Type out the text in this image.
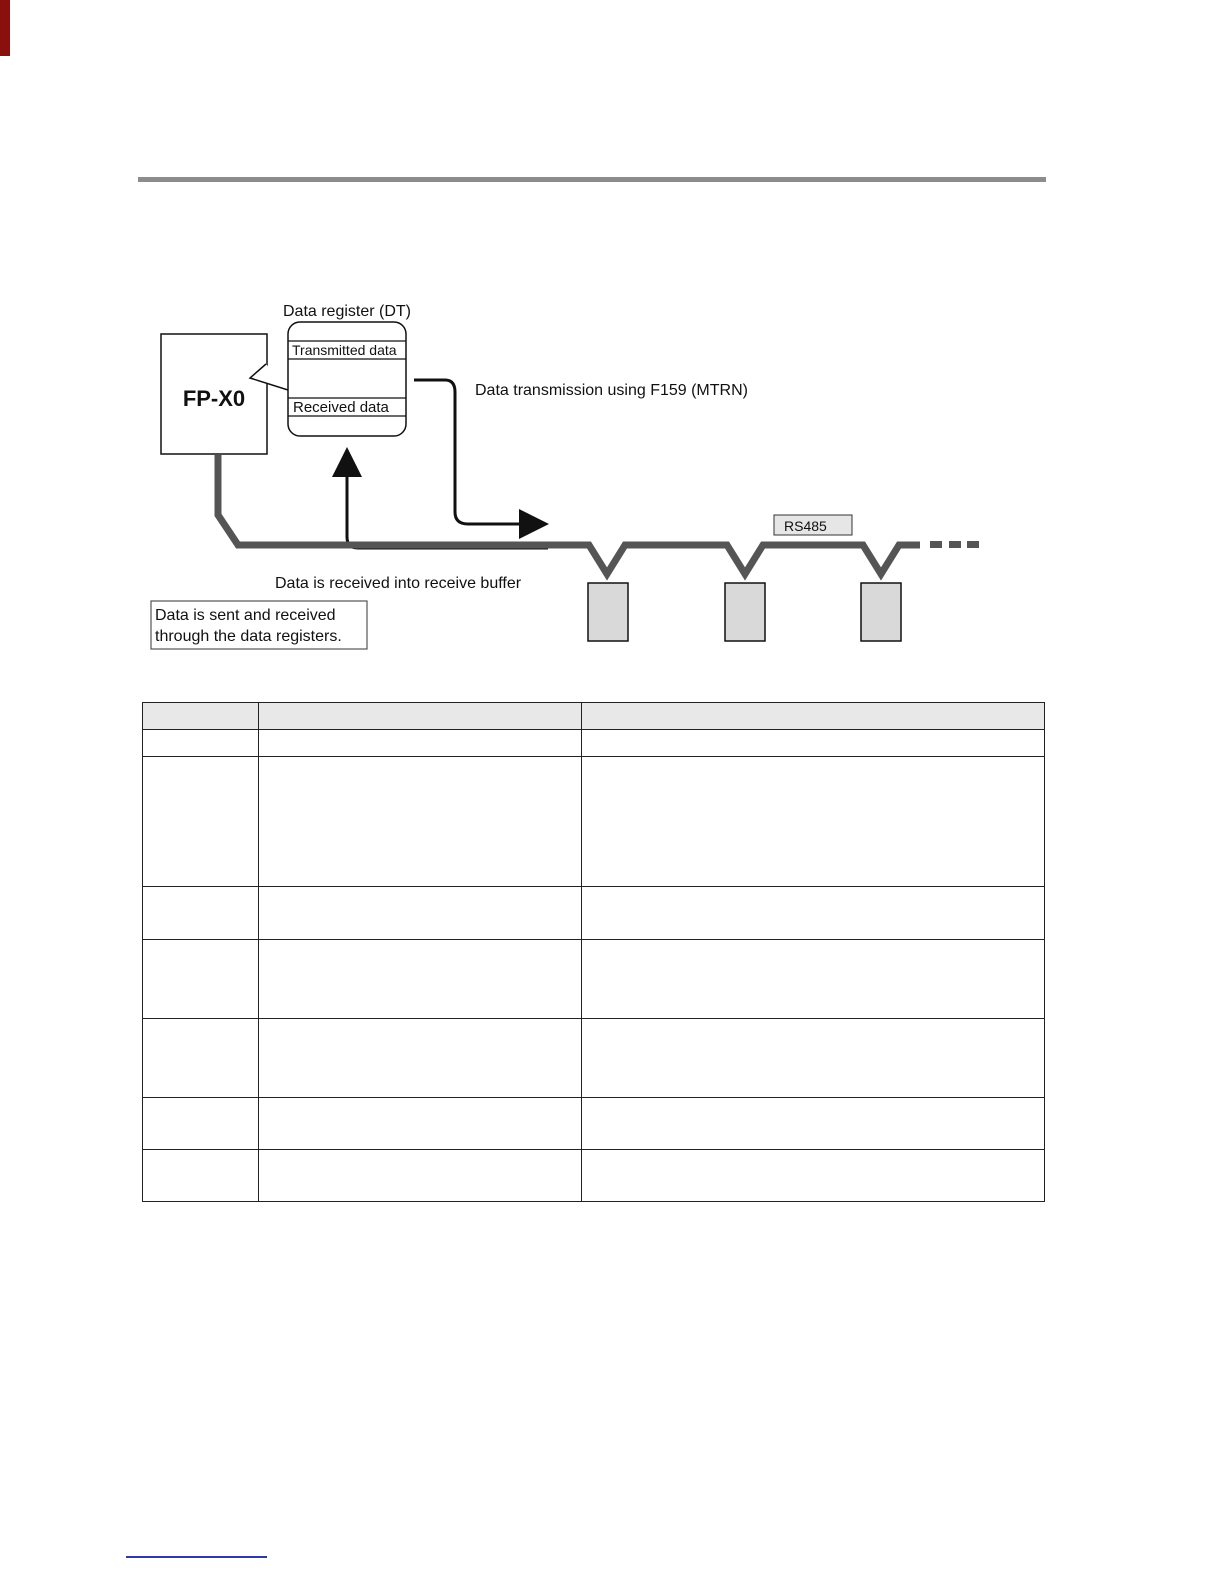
FP-X0
Data register (DT)
Transmitted data
Received data
Data transmission using F159 (MTRN)
Data is received into receive buffer
RS485
Data is sent and received
through the data registers.
